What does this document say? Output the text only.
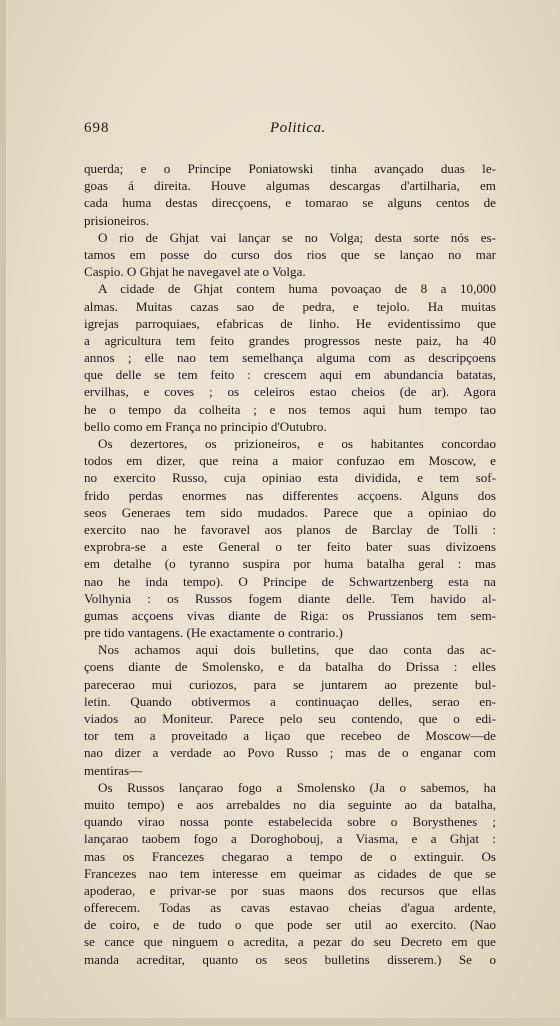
698	Politica.
querda; e o Principe Poniatowski tinha avançado duas le-
goas á direita. Houve algumas descargas d'artilharia, em
cada huma destas direcçoens, e tomarao se alguns centos de
prisioneiros.
O rio de Ghjat vai lançar se no Volga; desta sorte nós es-
tamos em posse do curso dos rios que se lançao no mar
Caspio. O Ghjat he navegavel ate o Volga.
A cidade de Ghjat contem huma povoaçao de 8 a 10,000
almas. Muitas cazas sao de pedra, e tejolo. Ha muitas
igrejas parroquiaes, efabricas de linho. He evidentissimo que
a agricultura tem feito grandes progressos neste paiz, ha 40
annos ; elle nao tem semelhança alguma com as descripçoens
que delle se tem feito : crescem aqui em abundancia batatas,
ervilhas, e coves ; os celeiros estao cheios (de ar). Agora
he o tempo da colheita ; e nos temos aqui hum tempo tao
bello como em França no principio d'Outubro.
Os dezertores, os prizioneiros, e os habitantes concordao
todos em dizer, que reina a maior confuzao em Moscow, e
no exercito Russo, cuja opiniao esta dividida, e tem sof-
frido perdas enormes nas differentes acçoens. Alguns dos
seos Generaes tem sido mudados. Parece que a opiniao do
exercito nao he favoravel aos planos de Barclay de Tolli :
exprobra-se a este General o ter feito bater suas divizoens
em detalhe (o tyranno suspira por huma batalha geral : mas
nao he inda tempo). O Principe de Schwartzenberg esta na
Volhynia : os Russos fogem diante delle. Tem havido al-
gumas acçoens vivas diante de Riga: os Prussianos tem sem-
pre tido vantagens. (He exactamente o contrario.)
Nos achamos aqui dois bulletins, que dao conta das ac-
çoens diante de Smolensko, e da batalha do Drissa : elles
parecerao mui curiozos, para se juntarem ao prezente bul-
letin. Quando obtivermos a continuaçao delles, serao en-
viados ao Moniteur. Parece pelo seu contendo, que o edi-
tor tem a proveitado a liçao que recebeo de Moscow—de
nao dizer a verdade ao Povo Russo ; mas de o enganar com
mentiras—
Os Russos lançarao fogo a Smolensko (Ja o sabemos, ha
muito tempo) e aos arrebaldes no dia seguinte ao da batalha,
quando virao nossa ponte estabelecida sobre o Borysthenes ;
lançarao taobem fogo a Doroghobouj, a Viasma, e a Ghjat :
mas os Francezes chegarao a tempo de o extinguir. Os
Francezes nao tem interesse em queimar as cidades de que se
apoderao, e privar-se por suas maons dos recursos que ellas
offerecem. Todas as cavas estavao cheias d'agua ardente,
de coiro, e de tudo o que pode ser util ao exercito. (Nao
se cance que ninguem o acredita, a pezar do seu Decreto em que
manda acreditar, quanto os seos bulletins disserem.) Se o
